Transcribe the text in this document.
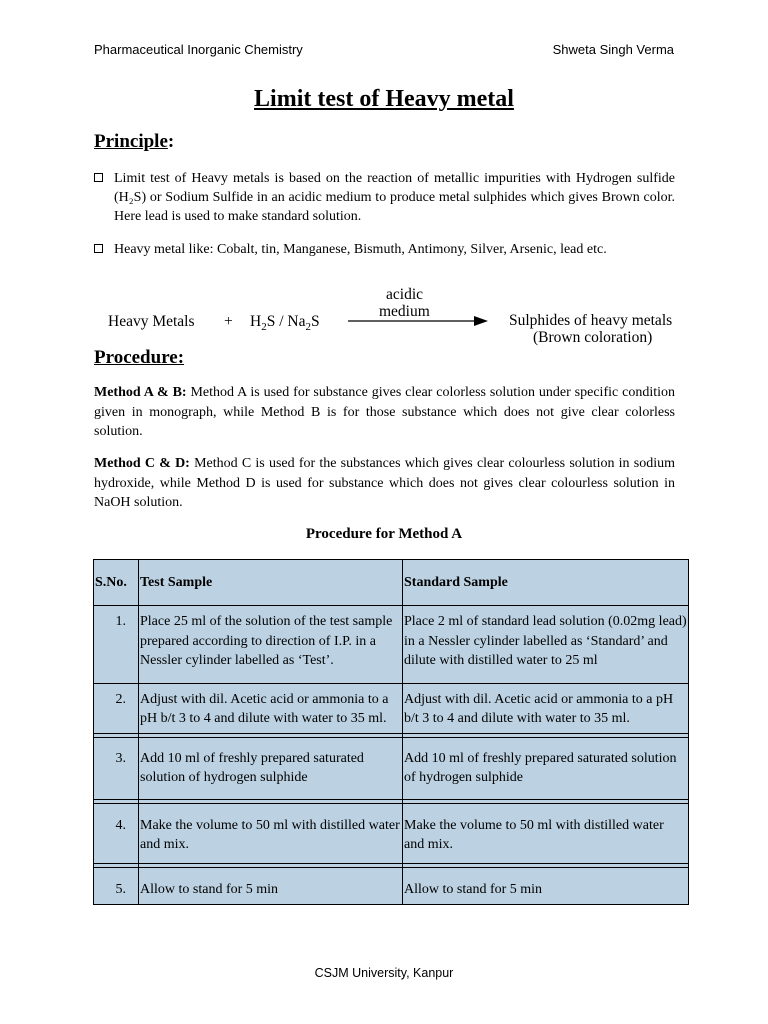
Pharmaceutical Inorganic Chemistry	Shweta Singh Verma
Limit test of Heavy metal
Principle:
Limit test of Heavy metals is based on the reaction of metallic impurities with Hydrogen sulfide (H₂S) or Sodium Sulfide in an acidic medium to produce metal sulphides which gives Brown color. Here lead is used to make standard solution.
Heavy metal like: Cobalt, tin, Manganese, Bismuth, Antimony, Silver, Arsenic, lead etc.
Heavy Metals + $H_2S / Na_2S$
acidic
medium
Sulphides of heavy metals
(Brown coloration)
Procedure:
Method A & B: Method A is used for substance gives clear colorless solution under specific condition given in monograph, while Method B is for those substance which does not give clear colorless solution.
Method C & D: Method C is used for the substances which gives clear colourless solution in sodium hydroxide, while Method D is used for substance which does not gives clear colourless solution in NaOH solution.
Procedure for Method A
S.No.	Test Sample	Standard Sample
1.	Place 25 ml of the solution of the test sample prepared according to direction of I.P. in a Nessler cylinder labelled as ‘Test’.	Place 2 ml of standard lead solution (0.02mg lead) in a Nessler cylinder labelled as ‘Standard’ and dilute with distilled water to 25 ml
2.	Adjust with dil. Acetic acid or ammonia to a pH b/t 3 to 4 and dilute with water to 35 ml.	Adjust with dil. Acetic acid or ammonia to a pH b/t 3 to 4 and dilute with water to 35 ml.

3.	Add 10 ml of freshly prepared saturated solution of hydrogen sulphide	Add 10 ml of freshly prepared saturated solution of hydrogen sulphide

4.	Make the volume to 50 ml with distilled water and mix.	Make the volume to 50 ml with distilled water and mix.

5.	Allow to stand for 5 min	Allow to stand for 5 min
CSJM University, Kanpur
